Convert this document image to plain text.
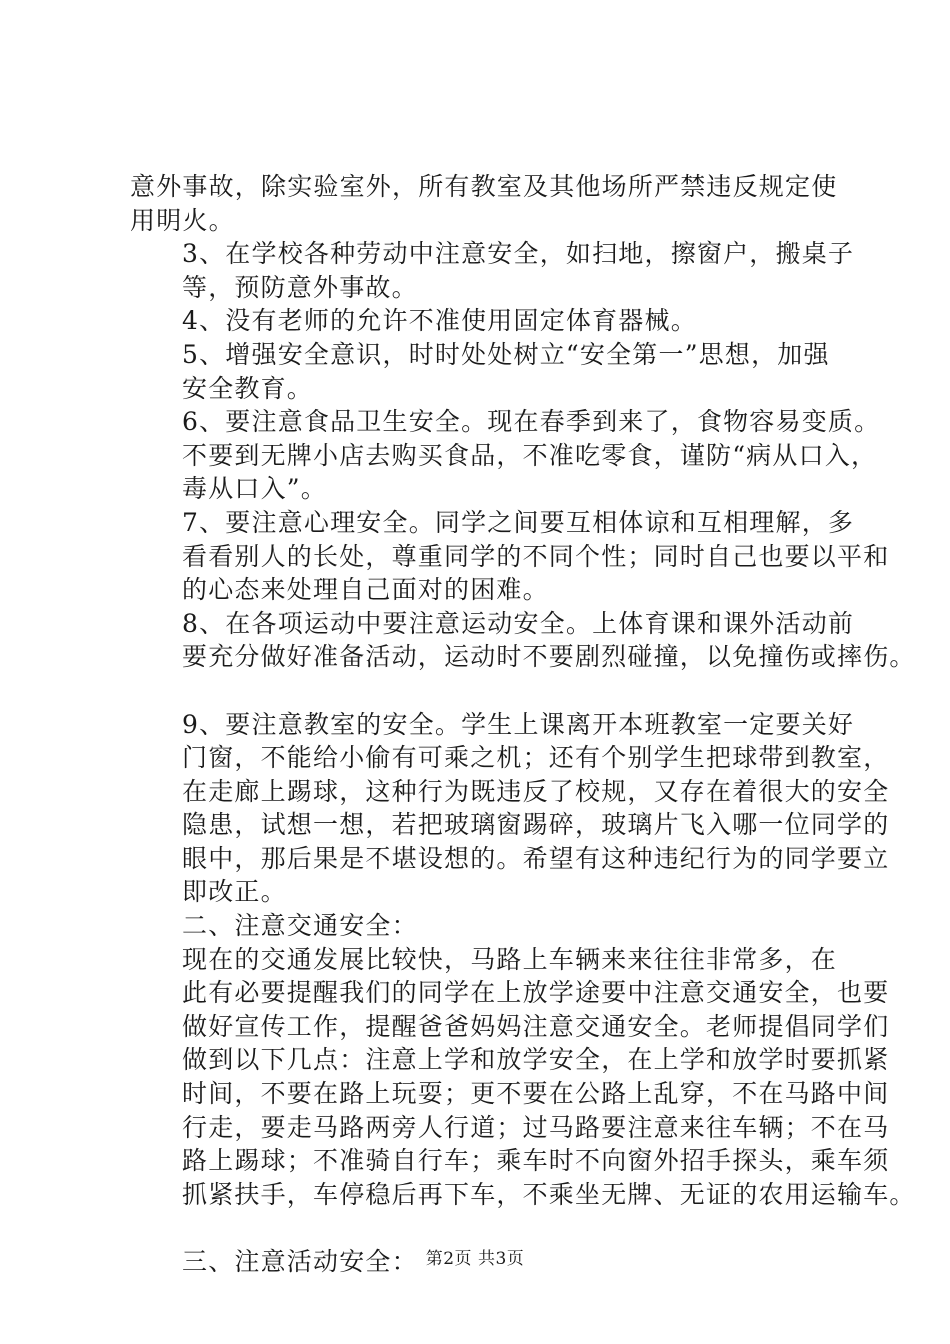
意外事故，除实验室外，所有教室及其他场所严禁违反规定使
用明火。

3、在学校各种劳动中注意安全，如扫地，擦窗户，搬桌子
等，预防意外事故。

4、没有老师的允许不准使用固定体育器械。

5、增强安全意识，时时处处树立“安全第一”思想，加强
安全教育。

6、要注意食品卫生安全。现在春季到来了，食物容易变质。
不要到无牌小店去购买食品，不准吃零食，谨防“病从口入，
毒从口入”。

7、要注意心理安全。同学之间要互相体谅和互相理解，多
看看别人的长处，尊重同学的不同个性；同时自己也要以平和
的心态来处理自己面对的困难。

8、在各项运动中要注意运动安全。上体育课和课外活动前
要充分做好准备活动，运动时不要剧烈碰撞，以免撞伤或摔伤。

9、要注意教室的安全。学生上课离开本班教室一定要关好
门窗，不能给小偷有可乘之机；还有个别学生把球带到教室，
在走廊上踢球，这种行为既违反了校规，又存在着很大的安全
隐患，试想一想，若把玻璃窗踢碎，玻璃片飞入哪一位同学的
眼中，那后果是不堪设想的。希望有这种违纪行为的同学要立
即改正。

二、注意交通安全：

现在的交通发展比较快，马路上车辆来来往往非常多，在
此有必要提醒我们的同学在上放学途要中注意交通安全，也要
做好宣传工作，提醒爸爸妈妈注意交通安全。老师提倡同学们
做到以下几点：注意上学和放学安全，在上学和放学时要抓紧
时间，不要在路上玩耍；更不要在公路上乱穿，不在马路中间
行走，要走马路两旁人行道；过马路要注意来往车辆；不在马
路上踢球；不准骑自行车；乘车时不向窗外招手探头，乘车须
抓紧扶手，车停稳后再下车，不乘坐无牌、无证的农用运输车。

三、注意活动安全： 第2页 共3页
